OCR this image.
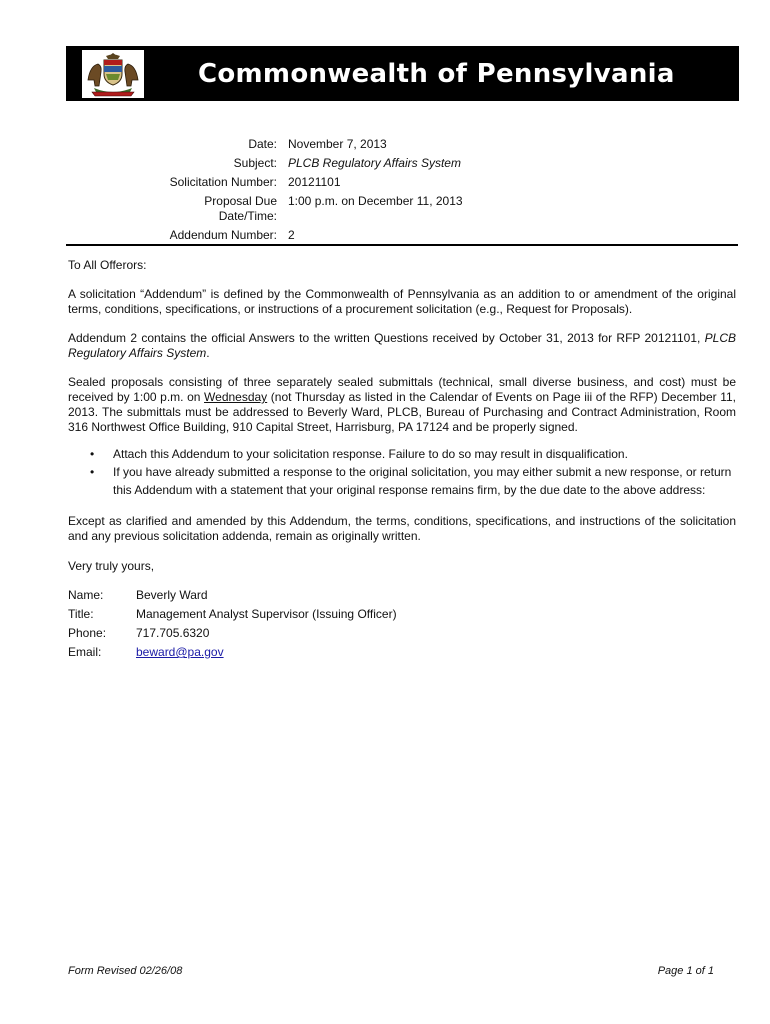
Commonwealth of Pennsylvania
Date: November 7, 2013
Subject: PLCB Regulatory Affairs System
Solicitation Number: 20121101
Proposal Due
Date/Time:
1:00 p.m. on December 11, 2013
Addendum Number: 2

To All Offerors:

A solicitation “Addendum” is defined by the Commonwealth of Pennsylvania as an addition to or amendment of the original terms, conditions, specifications, or instructions of a procurement solicitation (e.g., Request for Proposals).

Addendum 2 contains the official Answers to the written Questions received by October 31, 2013 for RFP 20121101, PLCB Regulatory Affairs System.

Sealed proposals consisting of three separately sealed submittals (technical, small diverse business, and cost) must be received by 1:00 p.m. on Wednesday (not Thursday as listed in the Calendar of Events on Page iii of the RFP) December 11, 2013. The submittals must be addressed to Beverly Ward, PLCB, Bureau of Purchasing and Contract Administration, Room 316 Northwest Office Building, 910 Capital Street, Harrisburg, PA 17124 and be properly signed.

• Attach this Addendum to your solicitation response. Failure to do so may result in disqualification.
• If you have already submitted a response to the original solicitation, you may either submit a new response, or return this Addendum with a statement that your original response remains firm, by the due date to the above address:

Except as clarified and amended by this Addendum, the terms, conditions, specifications, and instructions of the solicitation and any previous solicitation addenda, remain as originally written.

Very truly yours,

Name:	Beverly Ward
Title:	Management Analyst Supervisor (Issuing Officer)
Phone: 717.705.6320
Email:	beward@pa.gov
Form Revised 02/26/08	Page 1 of 1
